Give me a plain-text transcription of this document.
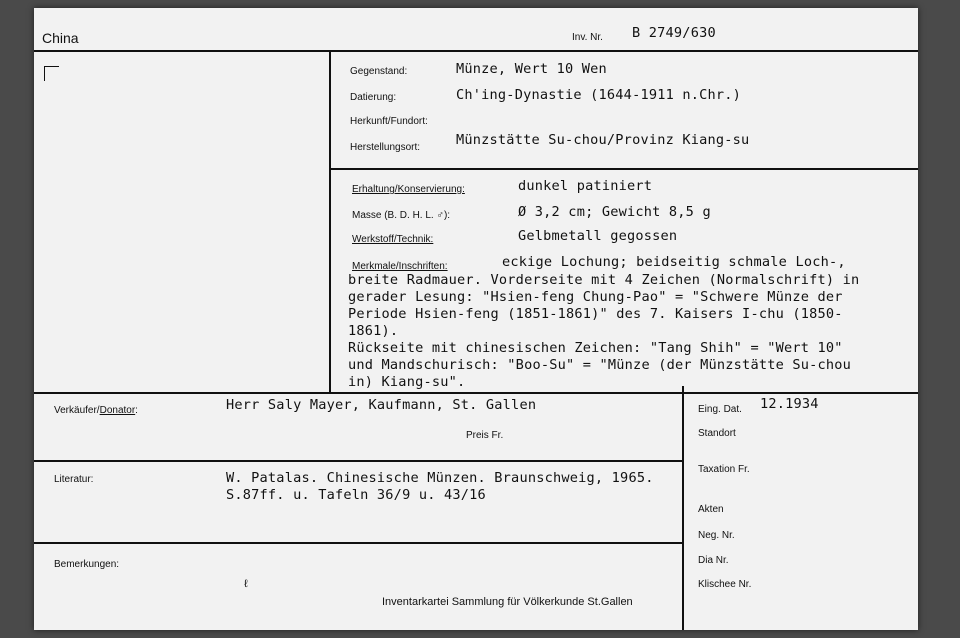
China	Inv. Nr. B 2749/630
Gegenstand:	Münze, Wert 10 Wen
Datierung:	Ch'ing-Dynastie (1644-1911 n.Chr.)
Herkunft/Fundort:
Herstellungsort:	Münzstätte Su-chou/Provinz Kiang-su
Erhaltung/Konservierung:	dunkel patiniert
Masse (B. D. H. L. ♂):	Ø 3,2 cm; Gewicht 8,5 g
Werkstoff/Technik:	Gelbmetall gegossen
Merkmale/Inschriften:	eckige Lochung; beidseitig schmale Loch-,
breite Radmauer. Vorderseite mit 4 Zeichen (Normalschrift) in
gerader Lesung: "Hsien-feng Chung-Pao" = "Schwere Münze der
Periode Hsien-feng (1851-1861)" des 7. Kaisers I-chu (1850-
1861).
Rückseite mit chinesischen Zeichen: "Tang Shih" = "Wert 10"
und Mandschurisch: "Boo-Su" = "Münze (der Münzstätte Su-chou
in) Kiang-su".
Verkäufer/Donator:	Herr Saly Mayer, Kaufmann, St. Gallen
Preis Fr.
Literatur:	W. Patalas. Chinesische Münzen. Braunschweig, 1965.
S.87ff. u. Tafeln 36/9 u. 43/16
Bemerkungen:
ℓ
Inventarkartei Sammlung für Völkerkunde St.Gallen
Eing. Dat. 12.1934
Standort
Taxation Fr.
Akten
Neg. Nr.
Dia Nr.
Klischee Nr.
